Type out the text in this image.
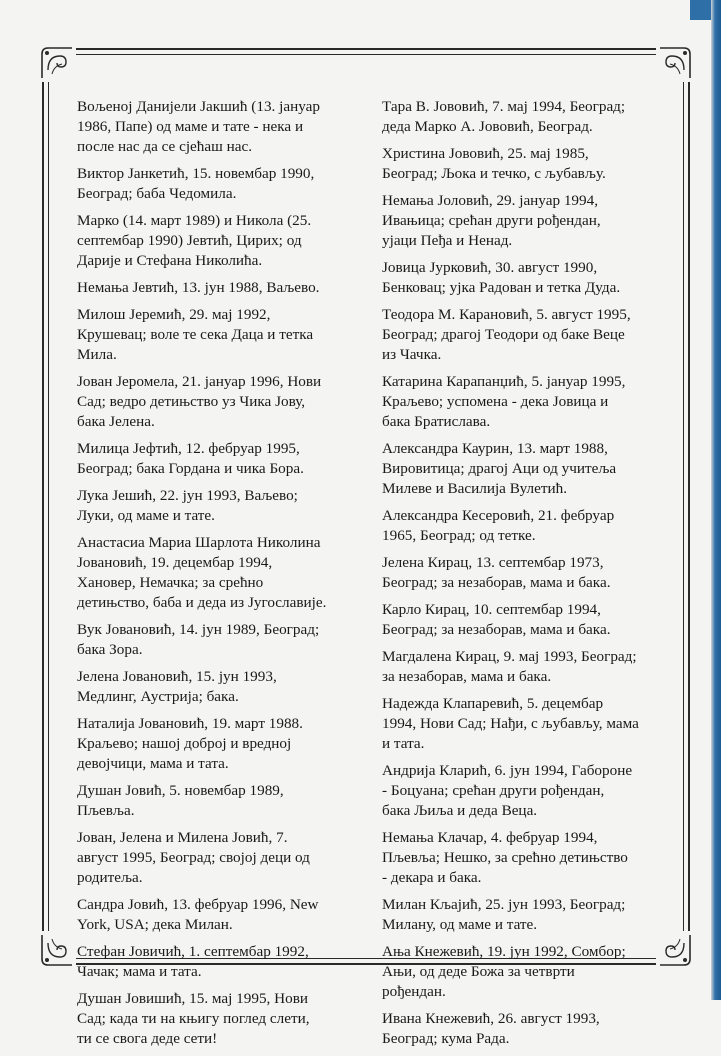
Вољеној Данијели Јакшић (13. јануар
1986, Папе) од маме и тате - нека и
после нас да се сјећаш нас.
Виктор Јанкетић, 15. новембар 1990,
Београд; баба Чедомила.
Марко (14. март 1989) и Никола (25.
септембар 1990) Јевтић, Цирих; од
Дарије и Стефана Николића.
Немања Јевтић, 13. јун 1988, Ваљево.
Милош Јеремић, 29. мај 1992,
Крушевац; воле те сека Даца и тетка
Мила.
Јован Јеромела, 21. јануар 1996, Нови
Сад; ведро детињство уз Чика Јову,
бака Јелена.
Милица Јефтић, 12. фебруар 1995,
Београд; бака Гордана и чика Бора.
Лука Јешић, 22. јун 1993, Ваљево;
Луки, од маме и тате.
Анастасиа Мариа Шарлота Николина
Јовановић, 19. децембар 1994,
Хановер, Немачка; за срећно
детињство, баба и деда из Југославије.
Вук Јовановић, 14. јун 1989, Београд;
бака Зора.
Јелена Јовановић, 15. јун 1993,
Медлинг, Аустрија; бака.
Наталија Јовановић, 19. март 1988.
Краљево; нашој доброј и вредној
девојчици, мама и тата.
Душан Јовић, 5. новембар 1989,
Пљевља.
Јован, Јелена и Милена Јовић, 7.
август 1995, Београд; својој деци од
родитеља.
Сандра Јовић, 13. фебруар 1996, New
York, USA; дека Милан.
Стефан Јовичић, 1. септембар 1992,
Чачак; мама и тата.
Душан Јовишић, 15. мај 1995, Нови
Сад; када ти на књигу поглед слети,
ти се свога деде сети!
Тара В. Јововић, 7. мај 1994, Београд;
деда Марко А. Јововић, Београд.
Христина Јововић, 25. мај 1985,
Београд; Љока и течко, с љубављу.
Немања Јоловић, 29. јануар 1994,
Ивањица; срећан други рођендан,
ујаци Пеђа и Ненад.
Јовица Јурковић, 30. август 1990,
Бенковац; ујка Радован и тетка Дуда.
Теодора М. Карановић, 5. август 1995,
Београд; драгој Теодори од баке Веце
из Чачка.
Катарина Карапанџић, 5. јануар 1995,
Краљево; успомена - дека Јовица и
бака Братислава.
Александра Каурин, 13. март 1988,
Вировитица; драгој Аци од учитеља
Милеве и Василија Вулетић.
Александра Кесеровић, 21. фебруар
1965, Београд; од тетке.
Јелена Кирац, 13. септембар 1973,
Београд; за незаборав, мама и бака.
Карло Кирац, 10. септембар 1994,
Београд; за незаборав, мама и бака.
Магдалена Кирац, 9. мај 1993, Београд;
за незаборав, мама и бака.
Надежда Клапаревић, 5. децембар
1994, Нови Сад; Нађи, с љубављу, мама
и тата.
Андрија Кларић, 6. јун 1994, Габороне
- Боцуана; срећан други рођендан,
бака Љиља и деда Веца.
Немања Клачар, 4. фебруар 1994,
Пљевља; Нешко, за срећно детињство
- декара и бака.
Милан Кљајић, 25. јун 1993, Београд;
Милану, од маме и тате.
Ања Кнежевић, 19. јун 1992, Сомбор;
Ањи, од деде Божа за четврти
рођендан.
Ивана Кнежевић, 26. август 1993,
Београд; кума Рада.
